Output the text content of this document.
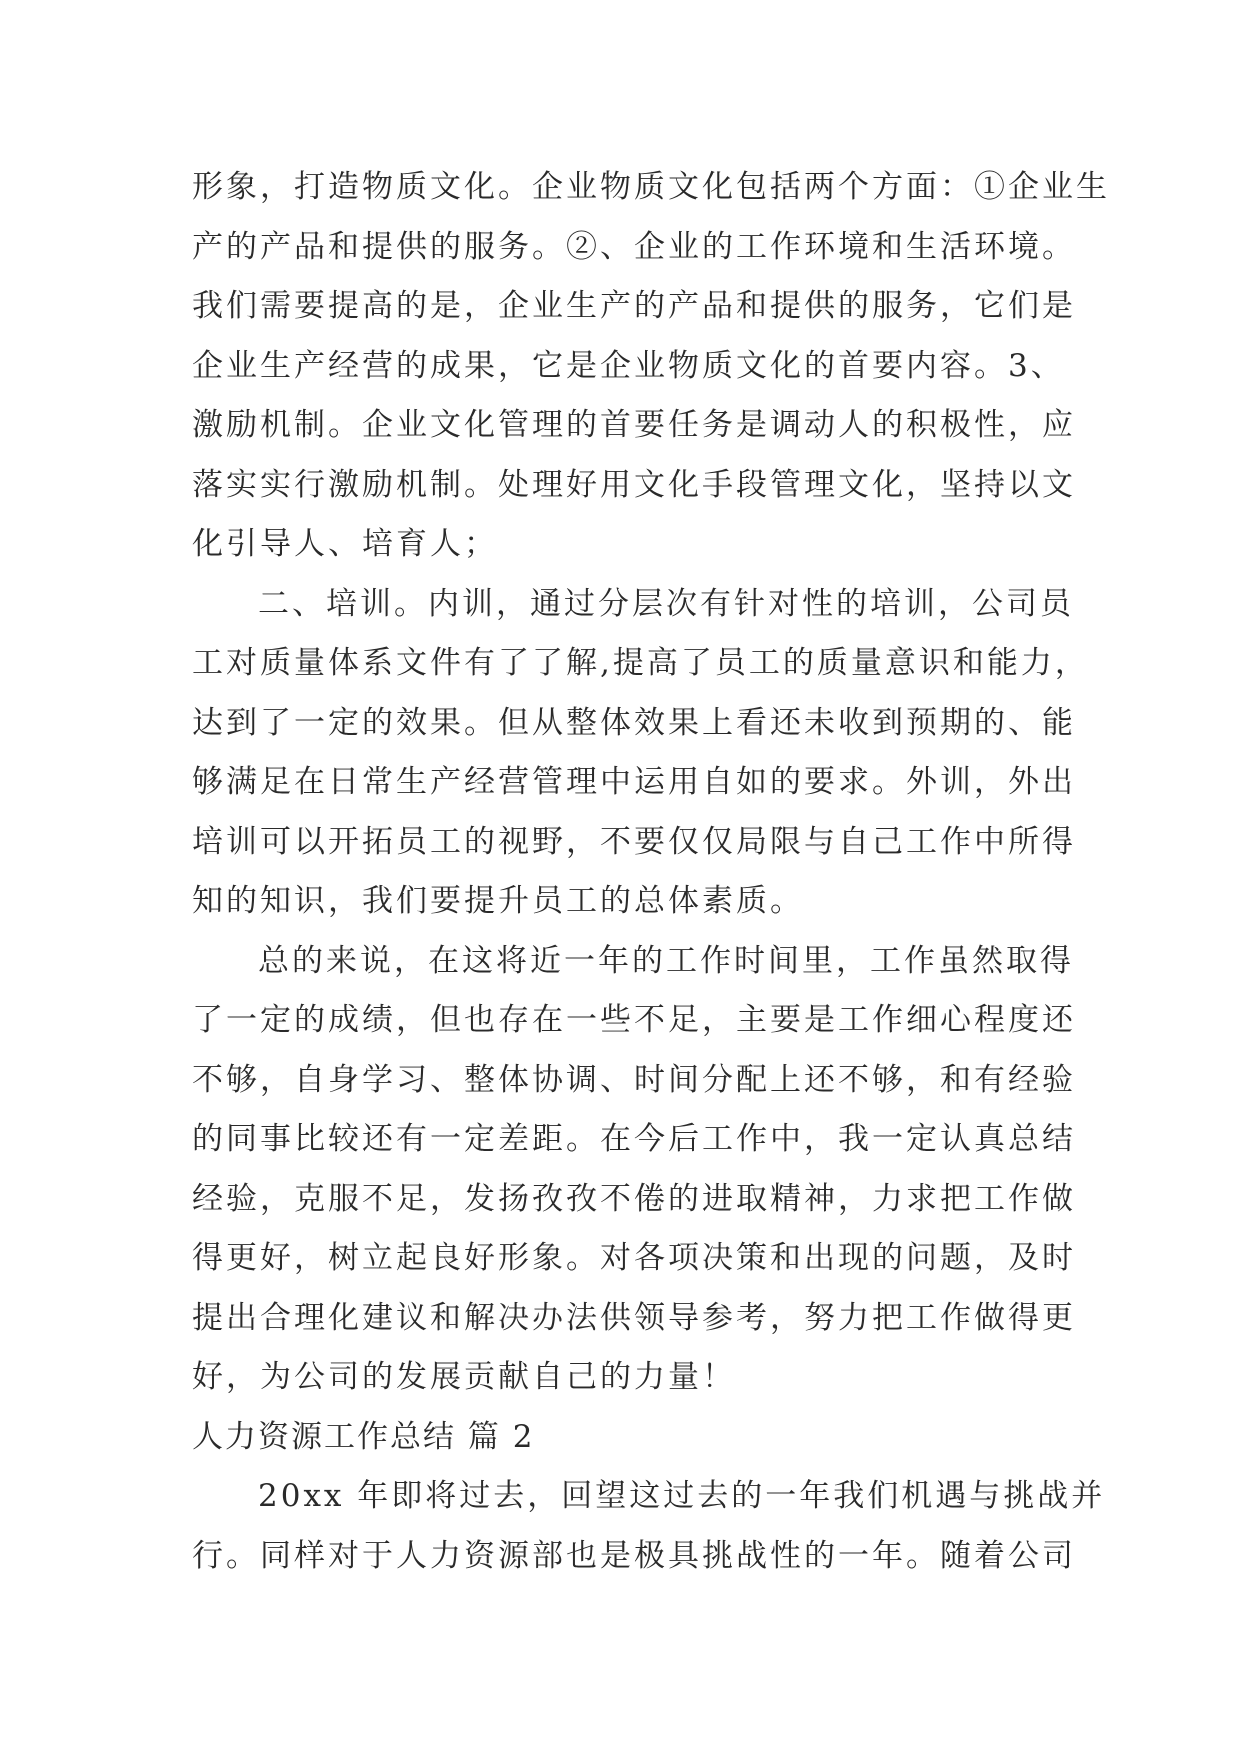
形象，打造物质文化。企业物质文化包括两个方面：①企业生
产的产品和提供的服务。②、企业的工作环境和生活环境。
我们需要提高的是，企业生产的产品和提供的服务，它们是
企业生产经营的成果，它是企业物质文化的首要内容。3、
激励机制。企业文化管理的首要任务是调动人的积极性，应
落实实行激励机制。处理好用文化手段管理文化，坚持以文
化引导人、培育人；
二、培训。内训，通过分层次有针对性的培训，公司员
工对质量体系文件有了了解,提高了员工的质量意识和能力，
达到了一定的效果。但从整体效果上看还未收到预期的、能
够满足在日常生产经营管理中运用自如的要求。外训，外出
培训可以开拓员工的视野，不要仅仅局限与自己工作中所得
知的知识，我们要提升员工的总体素质。
总的来说，在这将近一年的工作时间里，工作虽然取得
了一定的成绩，但也存在一些不足，主要是工作细心程度还
不够，自身学习、整体协调、时间分配上还不够，和有经验
的同事比较还有一定差距。在今后工作中，我一定认真总结
经验，克服不足，发扬孜孜不倦的进取精神，力求把工作做
得更好，树立起良好形象。对各项决策和出现的问题，及时
提出合理化建议和解决办法供领导参考，努力把工作做得更
好，为公司的发展贡献自己的力量！
人力资源工作总结 篇 2
20xx 年即将过去，回望这过去的一年我们机遇与挑战并
行。同样对于人力资源部也是极具挑战性的一年。随着公司
